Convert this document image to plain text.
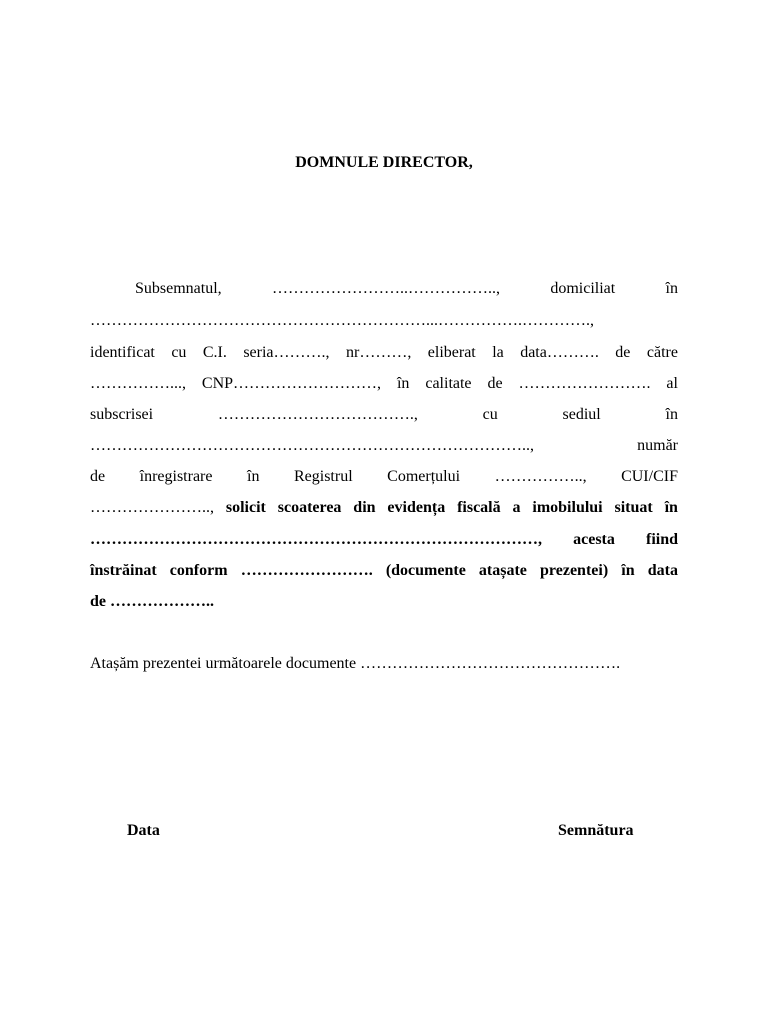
DOMNULE DIRECTOR,
Subsemnatul,	……………………..……………..,	domiciliat	în
………………………………………………………...…………….………….,
identificat cu C.I. seria………., nr………, eliberat la data………. de către
……………..., CNP………………………, în calitate de ……………………. al
subscrisei	……………………………….,	cu	sediul	în
………………………………………………………………………..,	număr
de înregistrare în Registrul Comerțului …………….., CUI/CIF
………………….., solicit scoaterea din evidența fiscală a imobilului situat în
…………………………………………………………………………, acesta fiind
înstrăinat conform ……………………. (documente atașate prezentei) în data
de ………………..
Atașăm prezentei următoarele documente ………………………………………….
Data	Semnătura
